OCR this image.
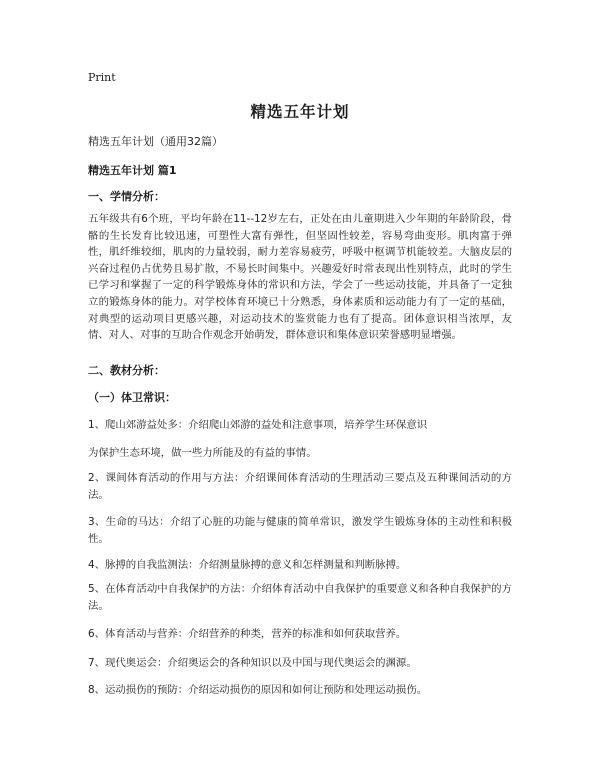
Print
精选五年计划
精选五年计划（通用32篇）
精选五年计划 篇1
一、学情分析：
五年级共有6个班，平均年龄在11--12岁左右，正处在由儿童期进入少年期的年龄阶段，骨骼的生长发育比较迅速，可塑性大富有弹性，但坚固性较差，容易弯曲变形。肌肉富于弹性，肌纤维较细，肌肉的力量较弱，耐力差容易疲劳，呼吸中枢调节机能较差。大脑皮层的兴奋过程仍占优势且易扩散，不易长时间集中。兴趣爱好时常表现出性别特点，此时的学生已学习和掌握了一定的科学锻炼身体的常识和方法，学会了一些运动技能，并具备了一定独立的锻炼身体的能力。对学校体育环境已十分熟悉，身体素质和运动能力有了一定的基础，对典型的运动项目更感兴趣，对运动技术的鉴赏能力也有了提高。团体意识相当浓厚，友情、对人、对事的互助合作观念开始萌发，群体意识和集体意识荣誉感明显增强。
二、教材分析：
（一）体卫常识：
1、爬山郊游益处多：介绍爬山郊游的益处和注意事项，培养学生环保意识
为保护生态环境，做一些力所能及的有益的事情。
2、课间体育活动的作用与方法：介绍课间体育活动的生理活动三要点及五种课间活动的方法。
3、生命的马达：介绍了心脏的功能与健康的简单常识，激发学生锻炼身体的主动性和积极性。
4、脉搏的自我监测法：介绍测量脉搏的意义和怎样测量和判断脉搏。
5、在体育活动中自我保护的方法：介绍体育活动中自我保护的重要意义和各种自我保护的方法。
6、体育活动与营养：介绍营养的种类，营养的标准和如何获取营养。
7、现代奥运会：介绍奥运会的各种知识以及中国与现代奥运会的渊源。
8、运动损伤的预防：介绍运动损伤的原因和如何让预防和处理运动损伤。
